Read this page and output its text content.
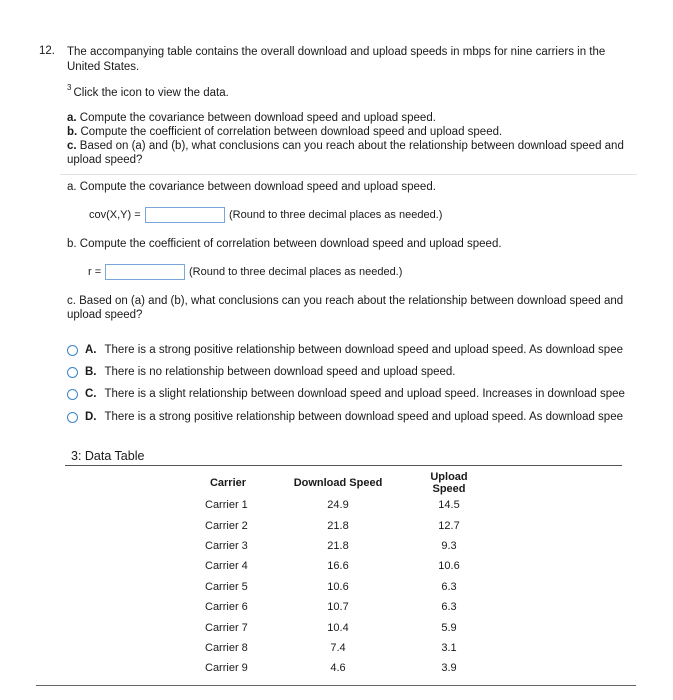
12. The accompanying table contains the overall download and upload speeds in mbps for nine carriers in the United States.
$^3$ Click the icon to view the data.
a. Compute the covariance between download speed and upload speed.
b. Compute the coefficient of correlation between download speed and upload speed.
c. Based on (a) and (b), what conclusions can you reach about the relationship between download speed and upload speed?
a. Compute the covariance between download speed and upload speed.
cov(X,Y) =	(Round to three decimal places as needed.)
b. Compute the coefficient of correlation between download speed and upload speed.
r =	(Round to three decimal places as needed.)
c. Based on (a) and (b), what conclusions can you reach about the relationship between download speed and upload speed?
A. There is a strong positive relationship between download speed and upload speed. As download spee
B. There is no relationship between download speed and upload speed.
C. There is a slight relationship between download speed and upload speed. Increases in download spee
D. There is a strong positive relationship between download speed and upload speed. As download spee
3: Data Table
Carrier	Download Speed	Upload Speed
Carrier 1	24.9	14.5
Carrier 2	21.8	12.7
Carrier 3	21.8	9.3
Carrier 4	16.6	10.6
Carrier 5	10.6	6.3
Carrier 6	10.7	6.3
Carrier 7	10.4	5.9
Carrier 8	7.4	3.1
Carrier 9	4.6	3.9
